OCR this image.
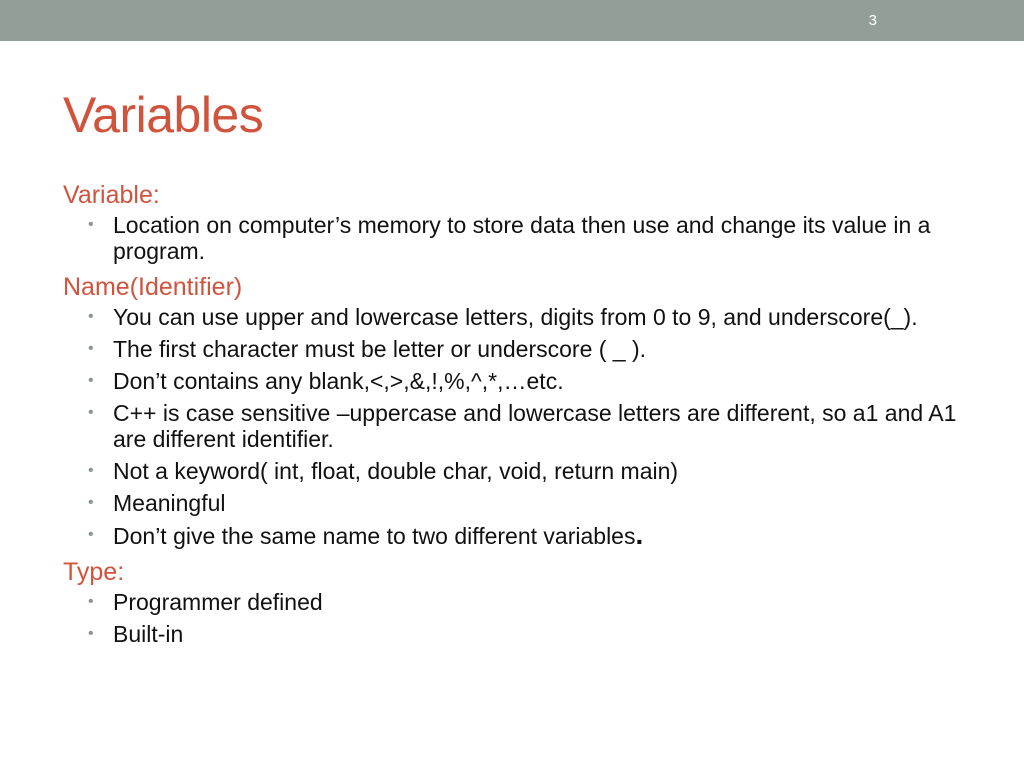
3
Variables

Variable:

• Location on computer’s memory to store data then use and change its value in a program.

Name(Identifier)

• You can use upper and lowercase letters, digits from 0 to 9, and underscore(_).
• The first character must be letter or underscore ( _ ).
• Don’t contains any blank,<,>,&,!,%,^,*,…etc.
• C++ is case sensitive –uppercase and lowercase letters are different, so a1 and A1 are different identifier.
• Not a keyword( int, float, double char, void, return main)
• Meaningful
• Don’t give the same name to two different variables.

Type:

• Programmer defined
• Built-in
